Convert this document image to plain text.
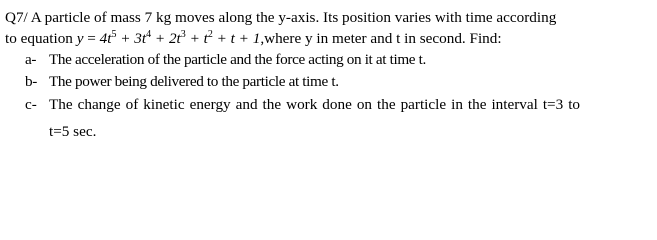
Q7/ A particle of mass 7 kg moves along the y-axis. Its position varies with time according
to equation $y = 4t^5 + 3t^4 + 2t^3 + t^2 + t$ + 1,where y in meter and t in second. Find:
a- The acceleration of the particle and the force acting on it at time t.
b- The power being delivered to the particle at time t.
c- The change of kinetic energy and the work done on the particle in the interval t=3 to
t=5 sec.
